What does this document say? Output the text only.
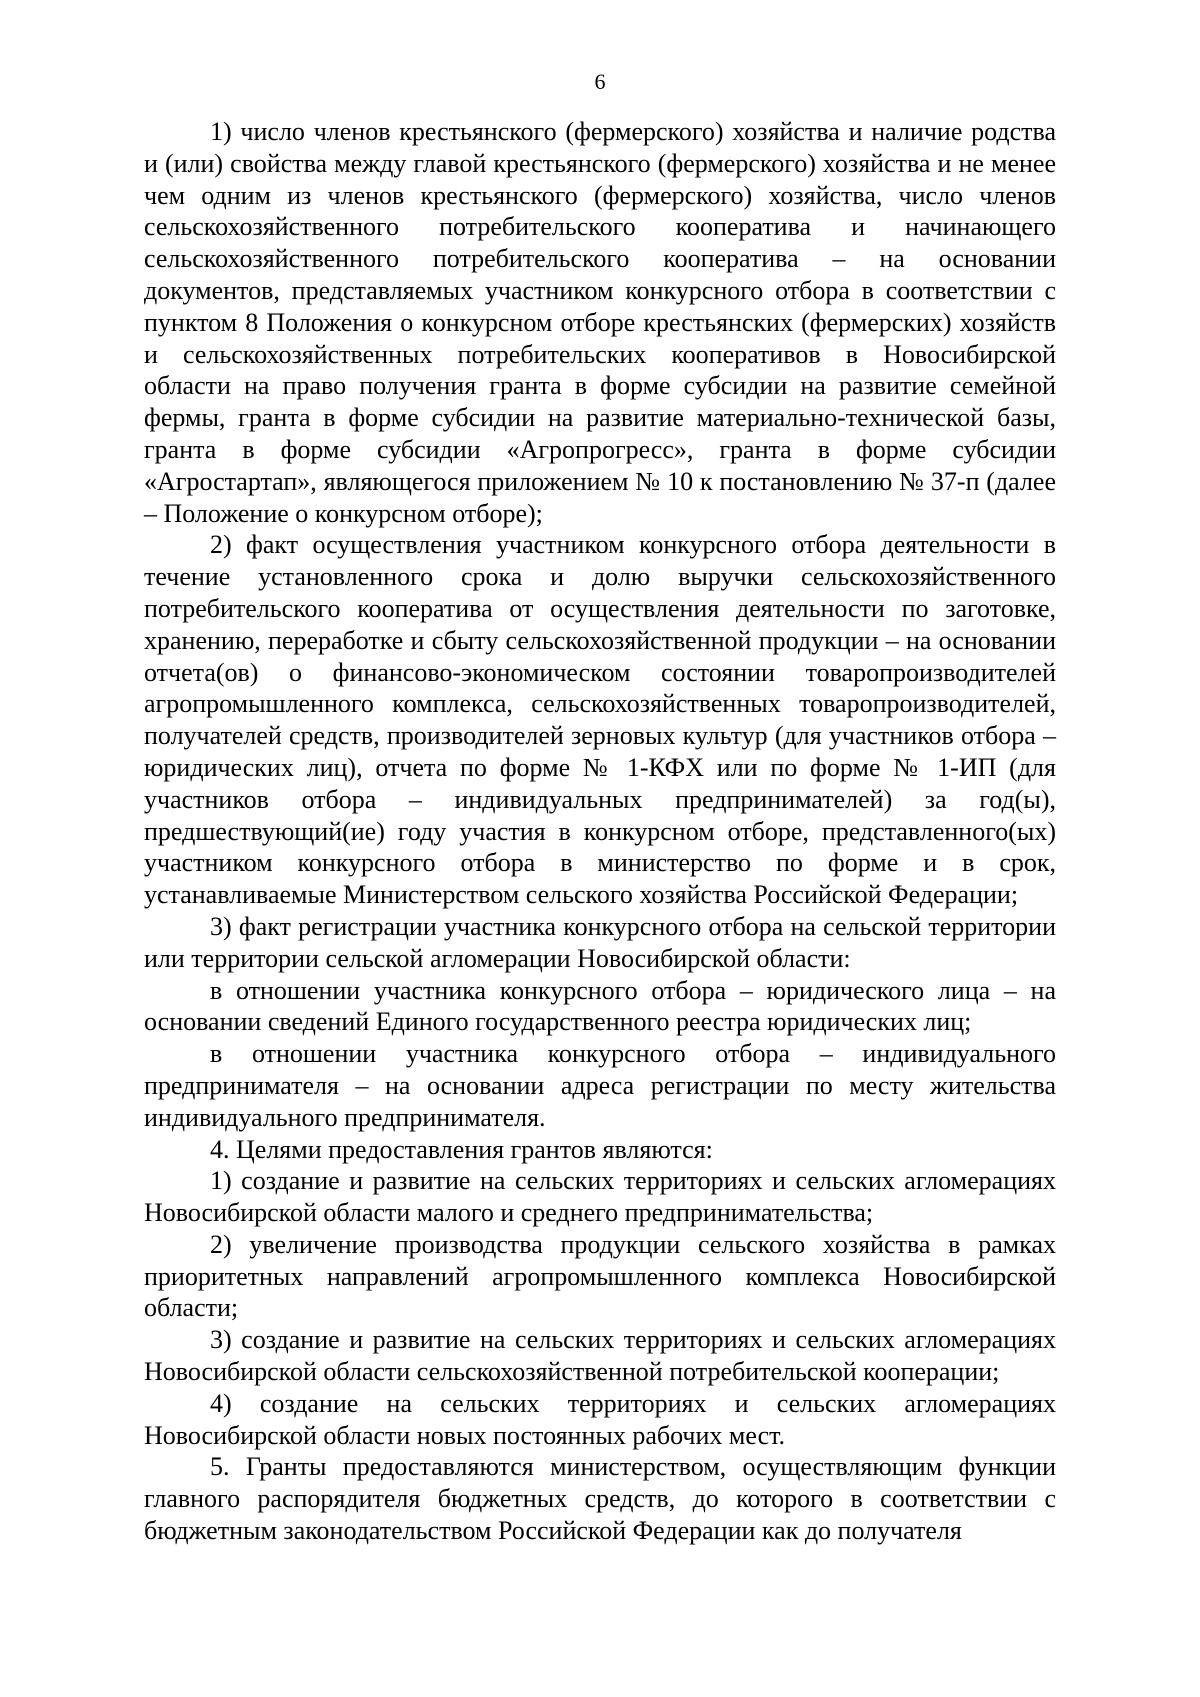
6

1) число членов крестьянского (фермерского) хозяйства и наличие родства и (или) свойства между главой крестьянского (фермерского) хозяйства и не менее чем одним из членов крестьянского (фермерского) хозяйства, число членов сельскохозяйственного потребительского кооператива и начинающего сельскохозяйственного потребительского кооператива – на основании документов, представляемых участником конкурсного отбора в соответствии с пунктом 8 Положения о конкурсном отборе крестьянских (фермерских) хозяйств и сельскохозяйственных потребительских кооперативов в Новосибирской области на право получения гранта в форме субсидии на развитие семейной фермы, гранта в форме субсидии на развитие материально-технической базы, гранта в форме субсидии «Агропрогресс», гранта в форме субсидии «Агростартап», являющегося приложением № 10 к постановлению № 37-п (далее – Положение о конкурсном отборе);

2) факт осуществления участником конкурсного отбора деятельности в течение установленного срока и долю выручки сельскохозяйственного потребительского кооператива от осуществления деятельности по заготовке, хранению, переработке и сбыту сельскохозяйственной продукции – на основании отчета(ов) о финансово-экономическом состоянии товаропроизводителей агропромышленного комплекса, сельскохозяйственных товаропроизводителей, получателей средств, производителей зерновых культур (для участников отбора – юридических лиц), отчета по форме № 1-КФХ или по форме № 1-ИП (для участников отбора – индивидуальных предпринимателей) за год(ы), предшествующий(ие) году участия в конкурсном отборе, представленного(ых) участником конкурсного отбора в министерство по форме и в срок, устанавливаемые Министерством сельского хозяйства Российской Федерации;

3) факт регистрации участника конкурсного отбора на сельской территории или территории сельской агломерации Новосибирской области:

в отношении участника конкурсного отбора – юридического лица – на основании сведений Единого государственного реестра юридических лиц;

в отношении участника конкурсного отбора – индивидуального предпринимателя – на основании адреса регистрации по месту жительства индивидуального предпринимателя.

4. Целями предоставления грантов являются:

1) создание и развитие на сельских территориях и сельских агломерациях Новосибирской области малого и среднего предпринимательства;

2) увеличение производства продукции сельского хозяйства в рамках приоритетных направлений агропромышленного комплекса Новосибирской области;

3) создание и развитие на сельских территориях и сельских агломерациях Новосибирской области сельскохозяйственной потребительской кооперации;

4) создание на сельских территориях и сельских агломерациях Новосибирской области новых постоянных рабочих мест.

5. Гранты предоставляются министерством, осуществляющим функции главного распорядителя бюджетных средств, до которого в соответствии с бюджетным законодательством Российской Федерации как до получателя
